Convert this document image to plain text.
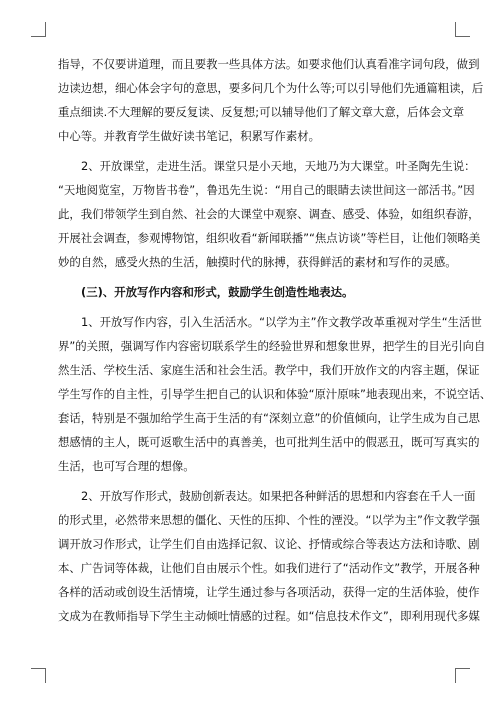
指导，不仅要讲道理，而且要教一些具体方法。如要求他们认真看准字词句段，做到
边读边想，细心体会字句的意思，要多问几个为什么等;可以引导他们先通篇粗读，后
重点细读.不大理解的要反复读、反复想;可以辅导他们了解文章大意，后体会文章
中心等。并教育学生做好读书笔记，积累写作素材。
2、开放课堂，走进生活。课堂只是小天地，天地乃为大课堂。叶圣陶先生说：
“天地阅览室，万物皆书卷”，鲁迅先生说：“用自己的眼睛去读世间这一部活书。”因
此，我们带领学生到自然、社会的大课堂中观察、调查、感受、体验，如组织春游，
开展社会调查，参观博物馆，组织收看“新闻联播”“焦点访谈”等栏目，让他们领略美
妙的自然，感受火热的生活，触摸时代的脉搏，获得鲜活的素材和写作的灵感。
(三)、开放写作内容和形式，鼓励学生创造性地表达。
1、开放写作内容，引入生活活水。“以学为主”作文教学改革重视对学生“生活世
界”的关照，强调写作内容密切联系学生的经验世界和想象世界，把学生的目光引向自
然生活、学校生活、家庭生活和社会生活。教学中，我们开放作文的内容主题，保证
学生写作的自主性，引导学生把自己的认识和体验“原汁原味”地表现出来，不说空话、
套话，特别是不强加给学生高于生活的有“深刻立意”的价值倾向，让学生成为自己思
想感情的主人，既可返歌生活中的真善美，也可批判生活中的假恶丑，既可写真实的
生活，也可写合理的想像。
2、开放写作形式，鼓励创新表达。如果把各种鲜活的思想和内容套在千人一面
的形式里，必然带来思想的僵化、天性的压抑、个性的湮没。“以学为主”作文教学强
调开放习作形式，让学生们自由选择记叙、议论、抒情或综合等表达方法和诗歌、剧
本、广告词等体裁，让他们自由展示个性。如我们进行了“活动作文”教学，开展各种
各样的活动或创设生活情境，让学生通过参与各项活动，获得一定的生活体验，使作
文成为在教师指导下学生主动倾吐情感的过程。如“信息技术作文”，即利用现代多媒
